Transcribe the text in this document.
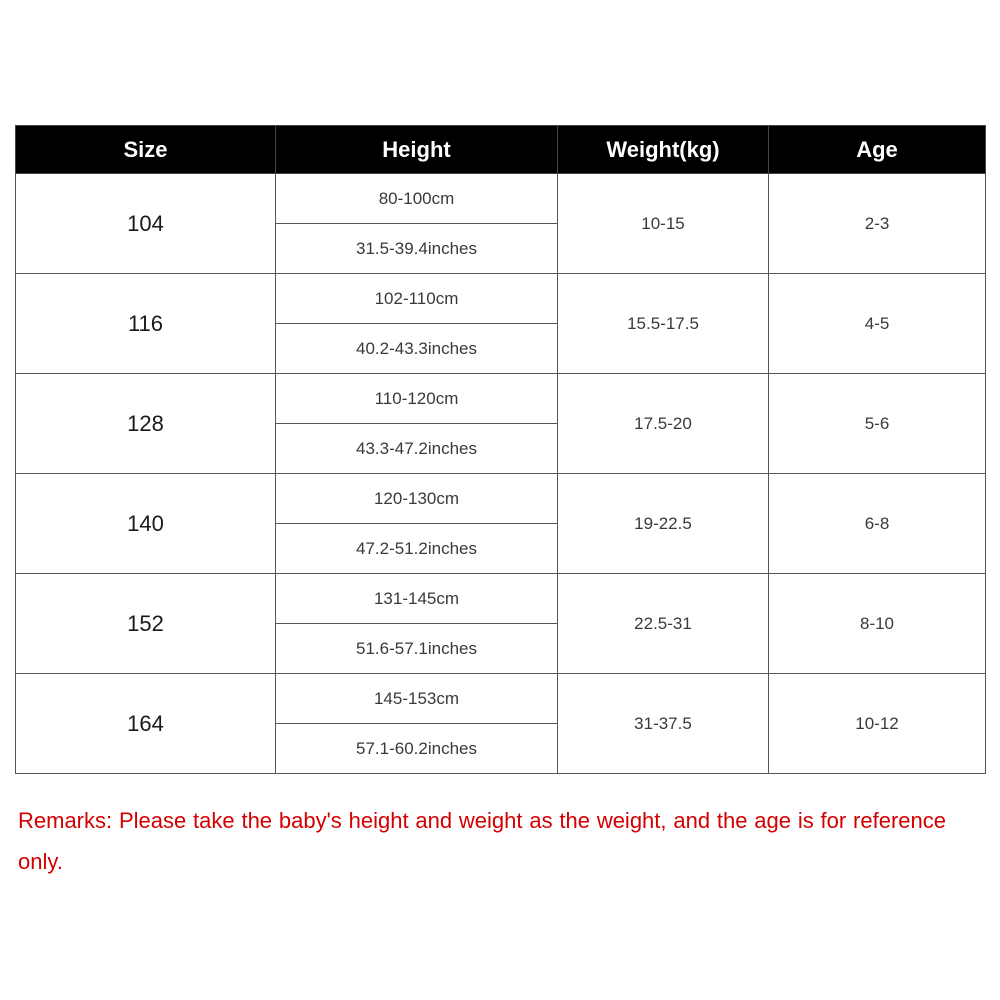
Size	Height	Weight(kg)	Age
104	80-100cm	10-15	2-3
	31.5-39.4inches		
116	102-110cm	15.5-17.5	4-5
	40.2-43.3inches		
128	110-120cm	17.5-20	5-6
	43.3-47.2inches		
140	120-130cm	19-22.5	6-8
	47.2-51.2inches		
152	131-145cm	22.5-31	8-10
	51.6-57.1inches		
164	145-153cm	31-37.5	10-12
	57.1-60.2inches		

Remarks: Please take the baby's height and weight as the weight, and the age is for reference only.
